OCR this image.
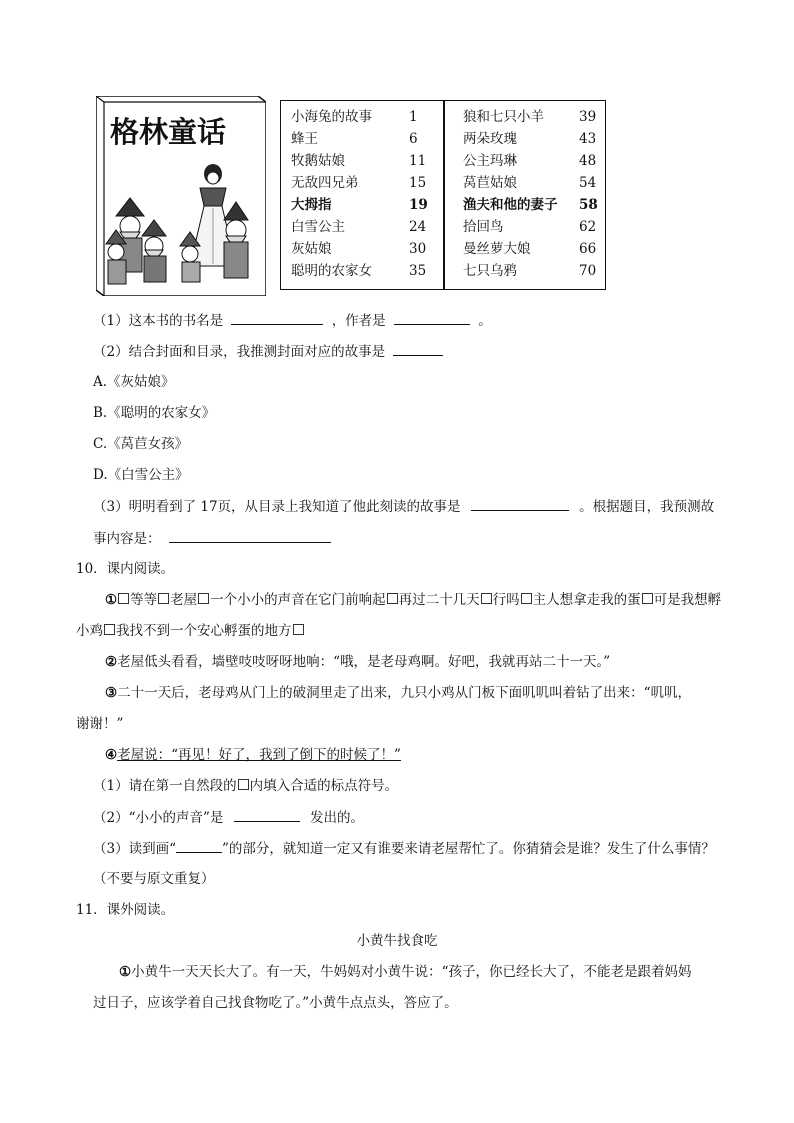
格林童话	小海兔的故事	1
蜂王	6
牧鹅姑娘	11
无敌四兄弟	15
大拇指	19
白雪公主	24
灰姑娘	30
聪明的农家女	35
狼和七只小羊	39
两朵玫瑰	43
公主玛琳	48
莴苣姑娘	54
渔夫和他的妻子 58
拾回鸟	62
曼丝萝大娘	66
七只乌鸦	70
（1）这本书的书名是	，作者是	。
（2）结合封面和目录，我推测封面对应的故事是
A.《灰姑娘》
B.《聪明的农家女》
C.《莴苣女孩》
D.《白雪公主》
（3）明明看到了 17页，从目录上我知道了他此刻读的故事是	。根据题目，我预测故
事内容是：
10．课内阅读。
① 等等 老屋 一个小小的声音在它门前响起 再过二十几天 行吗 主人想拿走我的蛋 可是我想孵
小鸡 我找不到一个安心孵蛋的地方
②老屋低头看看，墙壁吱吱呀呀地响：“哦，是老母鸡啊。好吧，我就再站二十一天。”
③二十一天后，老母鸡从门上的破洞里走了出来，九只小鸡从门板下面叽叽叫着钻了出来：“叽叽，
谢谢！”
④老屋说：“再见！好了，我到了倒下的时候了！”
（1）请在第一自然段的 内填入合适的标点符号。
（2）“小小的声音”是	发出的。
（3）读到画“	”的部分，就知道一定又有谁要来请老屋帮忙了。你猜猜会是谁？发生了什么事情？
（不要与原文重复）
11．课外阅读。
小黄牛找食吃
①小黄牛一天天长大了。有一天，牛妈妈对小黄牛说：“孩子，你已经长大了，不能老是跟着妈妈
过日子，应该学着自己找食物吃了。”小黄牛点点头，答应了。
